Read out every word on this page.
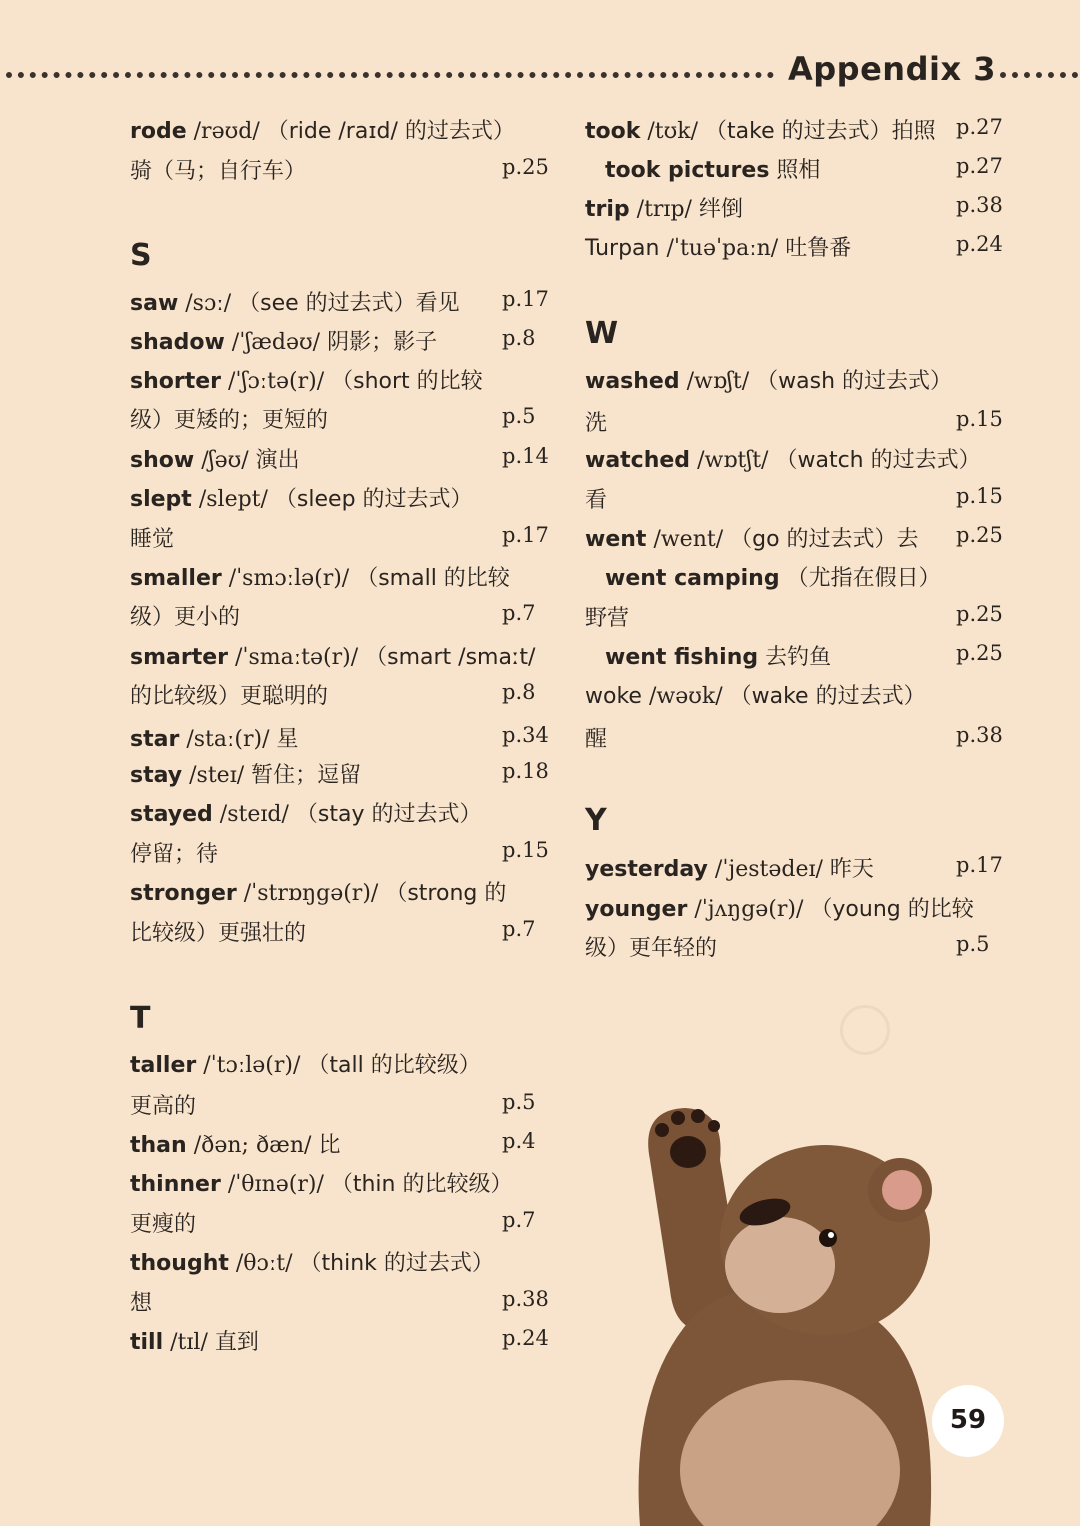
Appendix 3
rode /rəʊd/ （ride /raɪd/ 的过去式）
骑（马；自行车）	p.25
S
saw /sɔː/ （see 的过去式）看见 p.17
shadow /ˈʃædəʊ/ 阴影；影子	p.8
shorter /ˈʃɔːtə(r)/ （short 的比较
级）更矮的；更短的	p.5
show /ʃəʊ/ 演出	p.14
slept /slept/ （sleep 的过去式）
睡觉	p.17
smaller /ˈsmɔːlə(r)/ （small 的比较
级）更小的	p.7
smarter /ˈsmaːtə(r)/ （smart /smaːt/
的比较级）更聪明的	p.8
star /staː(r)/ 星	p.34
stay /steɪ/ 暂住；逗留	p.18
stayed /steɪd/ （stay 的过去式）
停留；待	p.15
stronger /ˈstrɒŋgə(r)/ （strong 的
比较级）更强壮的	p.7
T
taller /ˈtɔːlə(r)/ （tall 的比较级）
更高的	p.5
than /ðən; ðæn/ 比	p.4
thinner /ˈθɪnə(r)/ （thin 的比较级）
更瘦的	p.7
thought /θɔːt/ （think 的过去式）
想	p.38
till /tɪl/ 直到	p.24
took /tʊk/ （take 的过去式）拍照 p.27
took pictures 照相	p.27
trip /trɪp/ 绊倒	p.38
Turpan /ˈtuəˈpaːn/ 吐鲁番	p.24
W
washed /wɒʃt/ （wash 的过去式）
洗	p.15
watched /wɒtʃt/ （watch 的过去式）
看	p.15
went /went/ （go 的过去式）去 p.25
went camping （尤指在假日）
野营	p.25
went fishing 去钓鱼	p.25
woke /wəʊk/ （wake 的过去式）
醒	p.38
Y
yesterday /ˈjestədeɪ/ 昨天	p.17
younger /ˈjʌŋgə(r)/ （young 的比较
级）更年轻的	p.5
59
